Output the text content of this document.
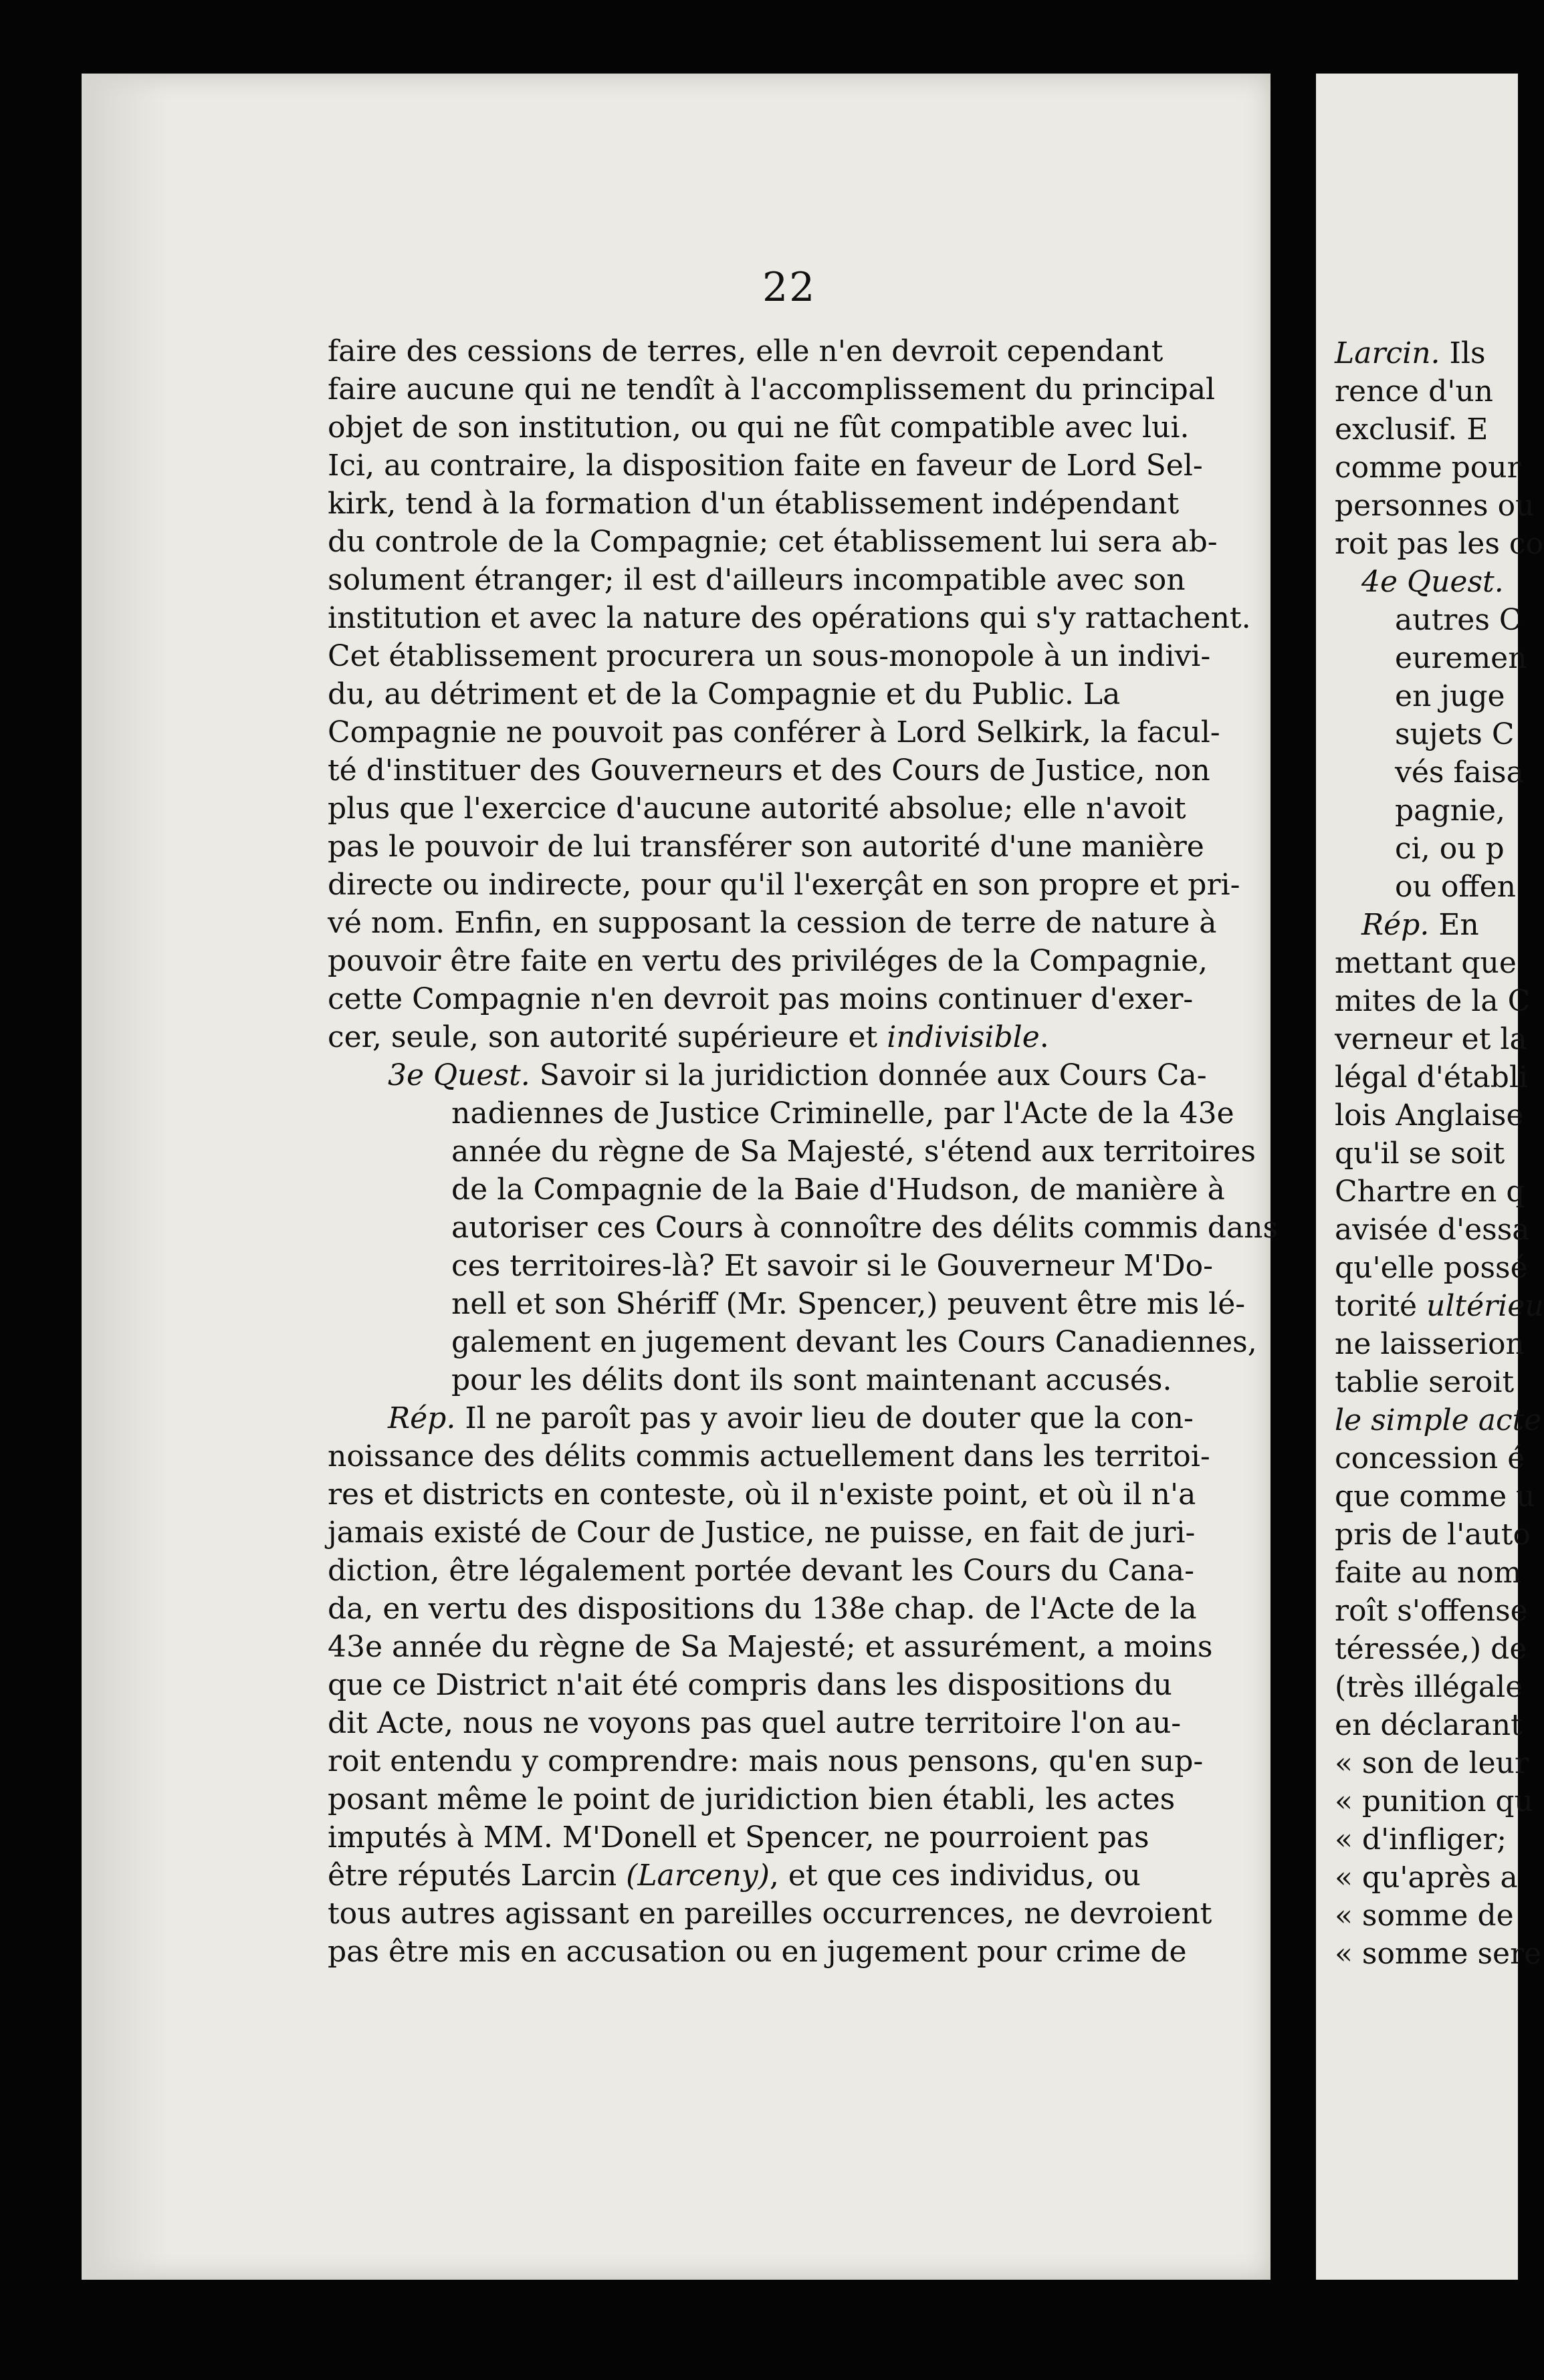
22
faire des cessions de terres, elle n'en devroit cependant
faire aucune qui ne tendît à l'accomplissement du principal
objet de son institution, ou qui ne fût compatible avec lui.
Ici, au contraire, la disposition faite en faveur de Lord Sel-
kirk, tend à la formation d'un établissement indépendant
du controle de la Compagnie; cet établissement lui sera ab-
solument étranger; il est d'ailleurs incompatible avec son
institution et avec la nature des opérations qui s'y rattachent.
Cet établissement procurera un sous-monopole à un indivi-
du, au détriment et de la Compagnie et du Public. La
Compagnie ne pouvoit pas conférer à Lord Selkirk, la facul-
té d'instituer des Gouverneurs et des Cours de Justice, non
plus que l'exercice d'aucune autorité absolue; elle n'avoit
pas le pouvoir de lui transférer son autorité d'une manière
directe ou indirecte, pour qu'il l'exerçât en son propre et pri-
vé nom. Enfin, en supposant la cession de terre de nature à
pouvoir être faite en vertu des priviléges de la Compagnie,
cette Compagnie n'en devroit pas moins continuer d'exer-
cer, seule, son autorité supérieure et indivisible.
3e Quest. Savoir si la juridiction donnée aux Cours Ca-
nadiennes de Justice Criminelle, par l'Acte de la 43e
année du règne de Sa Majesté, s'étend aux territoires
de la Compagnie de la Baie d'Hudson, de manière à
autoriser ces Cours à connoître des délits commis dans
ces territoires-là? Et savoir si le Gouverneur M'Do-
nell et son Shériff (Mr. Spencer,) peuvent être mis lé-
galement en jugement devant les Cours Canadiennes,
pour les délits dont ils sont maintenant accusés.
Rép. Il ne paroît pas y avoir lieu de douter que la con-
noissance des délits commis actuellement dans les territoi-
res et districts en conteste, où il n'existe point, et où il n'a
jamais existé de Cour de Justice, ne puisse, en fait de juri-
diction, être légalement portée devant les Cours du Cana-
da, en vertu des dispositions du 138e chap. de l'Acte de la
43e année du règne de Sa Majesté; et assurément, a moins
que ce District n'ait été compris dans les dispositions du
dit Acte, nous ne voyons pas quel autre territoire l'on au-
roit entendu y comprendre: mais nous pensons, qu'en sup-
posant même le point de juridiction bien établi, les actes
imputés à MM. M'Donell et Spencer, ne pourroient pas
être réputés Larcin (Larceny), et que ces individus, ou
tous autres agissant en pareilles occurrences, ne devroient
pas être mis en accusation ou en jugement pour crime de
Larcin. Ils
rence d'un
exclusif. E
comme pour
personnes ou
roit pas les co
4e Quest.
autres C
euremen
en juge
sujets C
vés faisa
pagnie,
ci, ou p
ou offen
Rép. En
mettant que
mites de la C
verneur et la
légal d'établi
lois Anglaise
qu'il se soit
Chartre en q
avisée d'essa
qu'elle possé
torité ultérieu
ne laisserion
tablie seroit
le simple acte
concession é
que comme u
pris de l'auto
faite au nom
roît s'offense
téressée,) de
(très illégale
en déclarant
« son de leur
« punition qu
« d'infliger;
« qu'après a
« somme de
« somme sere
